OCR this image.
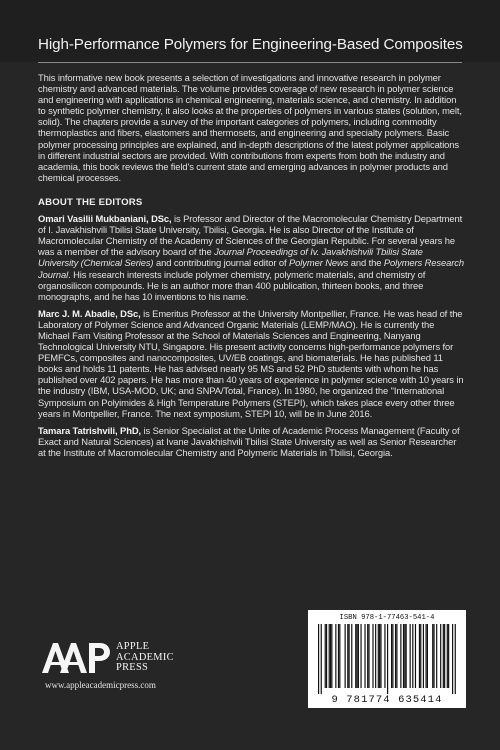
High-Performance Polymers for Engineering-Based Composites

This informative new book presents a selection of investigations and innovative research in polymer chemistry and advanced materials. The volume provides coverage of new research in polymer science and engineering with applications in chemical engineering, materials science, and chemistry. In addition to synthetic polymer chemistry, it also looks at the properties of polymers in various states (solution, melt, solid). The chapters provide a survey of the important categories of polymers, including commodity thermoplastics and fibers, elastomers and thermosets, and engineering and specialty polymers. Basic polymer processing principles are explained, and in-depth descriptions of the latest polymer applications in different industrial sectors are provided. With contributions from experts from both the industry and academia, this book reviews the field's current state and emerging advances in polymer products and chemical processes.

ABOUT THE EDITORS

Omari Vasilii Mukbaniani, DSc, is Professor and Director of the Macromolecular Chemistry Department of I. Javakhishvili Tbilisi State University, Tbilisi, Georgia. He is also Director of the Institute of Macromolecular Chemistry of the Academy of Sciences of the Georgian Republic. For several years he was a member of the advisory board of the Journal Proceedings of Iv. Javakhishvili Tbilisi State University (Chemical Series) and contributing journal editor of Polymer News and the Polymers Research Journal. His research interests include polymer chemistry, polymeric materials, and chemistry of organosilicon compounds. He is an author more than 400 publication, thirteen books, and three monographs, and he has 10 inventions to his name.

Marc J. M. Abadie, DSc, is Emeritus Professor at the University Montpellier, France. He was head of the Laboratory of Polymer Science and Advanced Organic Materials (LEMP/MAO). He is currently the Michael Fam Visiting Professor at the School of Materials Sciences and Engineering, Nanyang Technological University NTU, Singapore. His present activity concerns high-performance polymers for PEMFCs, composites and nanocomposites, UV/EB coatings, and biomaterials. He has published 11 books and holds 11 patents. He has advised nearly 95 MS and 52 PhD students with whom he has published over 402 papers. He has more than 40 years of experience in polymer science with 10 years in the industry (IBM, USA-MOD, UK; and SNPA/Total, France). In 1980, he organized the "International Symposium on Polyimides & High Temperature Polymers (STEPI), which takes place every other three years in Montpellier, France. The next symposium, STEPI 10, will be in June 2016.

Tamara Tatrishvili, PhD, is Senior Specialist at the Unite of Academic Process Management (Faculty of Exact and Natural Sciences) at Ivane Javakhishvili Tbilisi State University as well as Senior Researcher at the Institute of Macromolecular Chemistry and Polymeric Materials in Tbilisi, Georgia.

APPLE
ACADEMIC
PRESS
www.appleacademicpress.com
ISBN 978-1-77463-541-4
9 781774 635414
